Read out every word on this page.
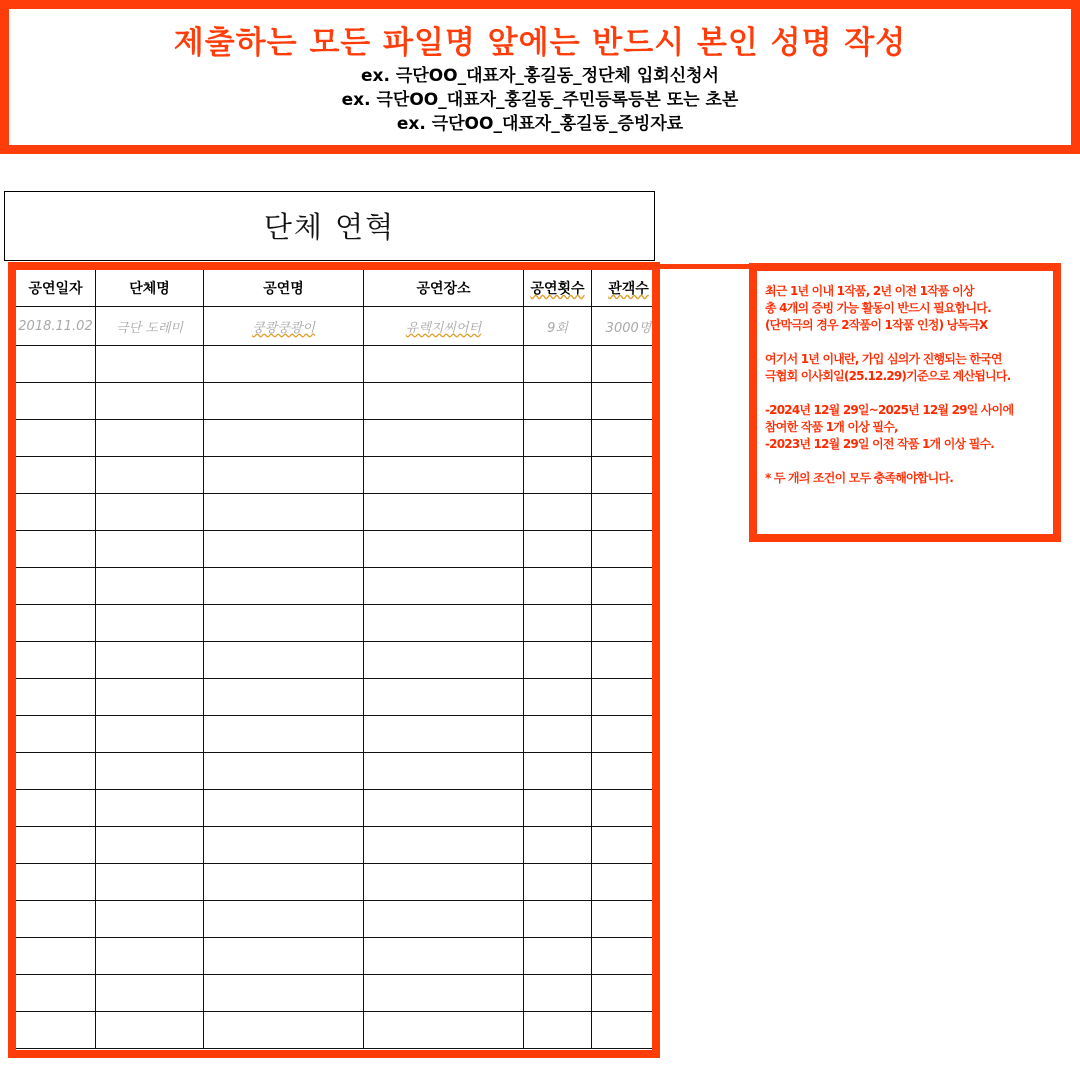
제출하는 모든 파일명 앞에는 반드시 본인 성명 작성
ex. 극단OO_대표자_홍길동_정단체 입회신청서
ex. 극단OO_대표자_홍길동_주민등록등본 또는 초본
ex. 극단OO_대표자_홍길동_증빙자료
단체 연혁
공연일자	단체명	공연명	공연장소	공연횟수	관객수
2018.11.02	극단 도레미	쿵쾅쿵쾅이	유렉지씨어터	9회	3000명

최근 1년 이내 1작품, 2년 이전 1작품 이상
총 4개의 증빙 가능 활동이 반드시 필요합니다.
(단막극의 경우 2작품이 1작품 인정) 낭독극X
여기서 1년 이내란, 가입 심의가 진행되는 한국연
극협회 이사회일(25.12.29)기준으로 계산됩니다.
-2024년 12월 29일~2025년 12월 29일 사이에
참여한 작품 1개 이상 필수,
-2023년 12월 29일 이전 작품 1개 이상 필수.
* 두 개의 조건이 모두 충족해야합니다.
